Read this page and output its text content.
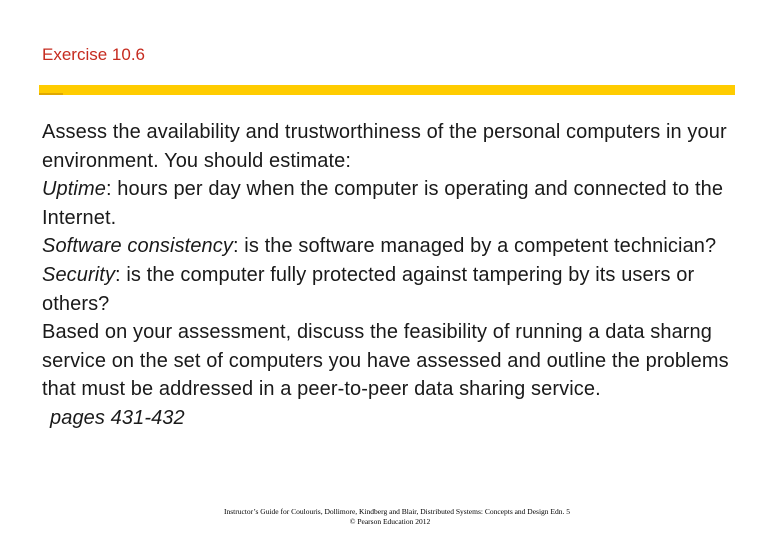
Exercise 10.6
Assess the availability and trustworthiness of the personal computers in your environment. You should estimate:
Uptime: hours per day when the computer is operating and connected to the Internet.
Software consistency: is the software managed by a competent technician?
Security: is the computer fully protected against tampering by its users or others?
Based on your assessment, discuss the feasibility of running a data sharng service on the set of computers you have assessed and outline the problems that must be addressed in a peer-to-peer data sharing service.
pages 431-432
Instructor’s Guide for Coulouris, Dollimore, Kindberg and Blair, Distributed Systems: Concepts and Design Edn. 5
© Pearson Education 2012
